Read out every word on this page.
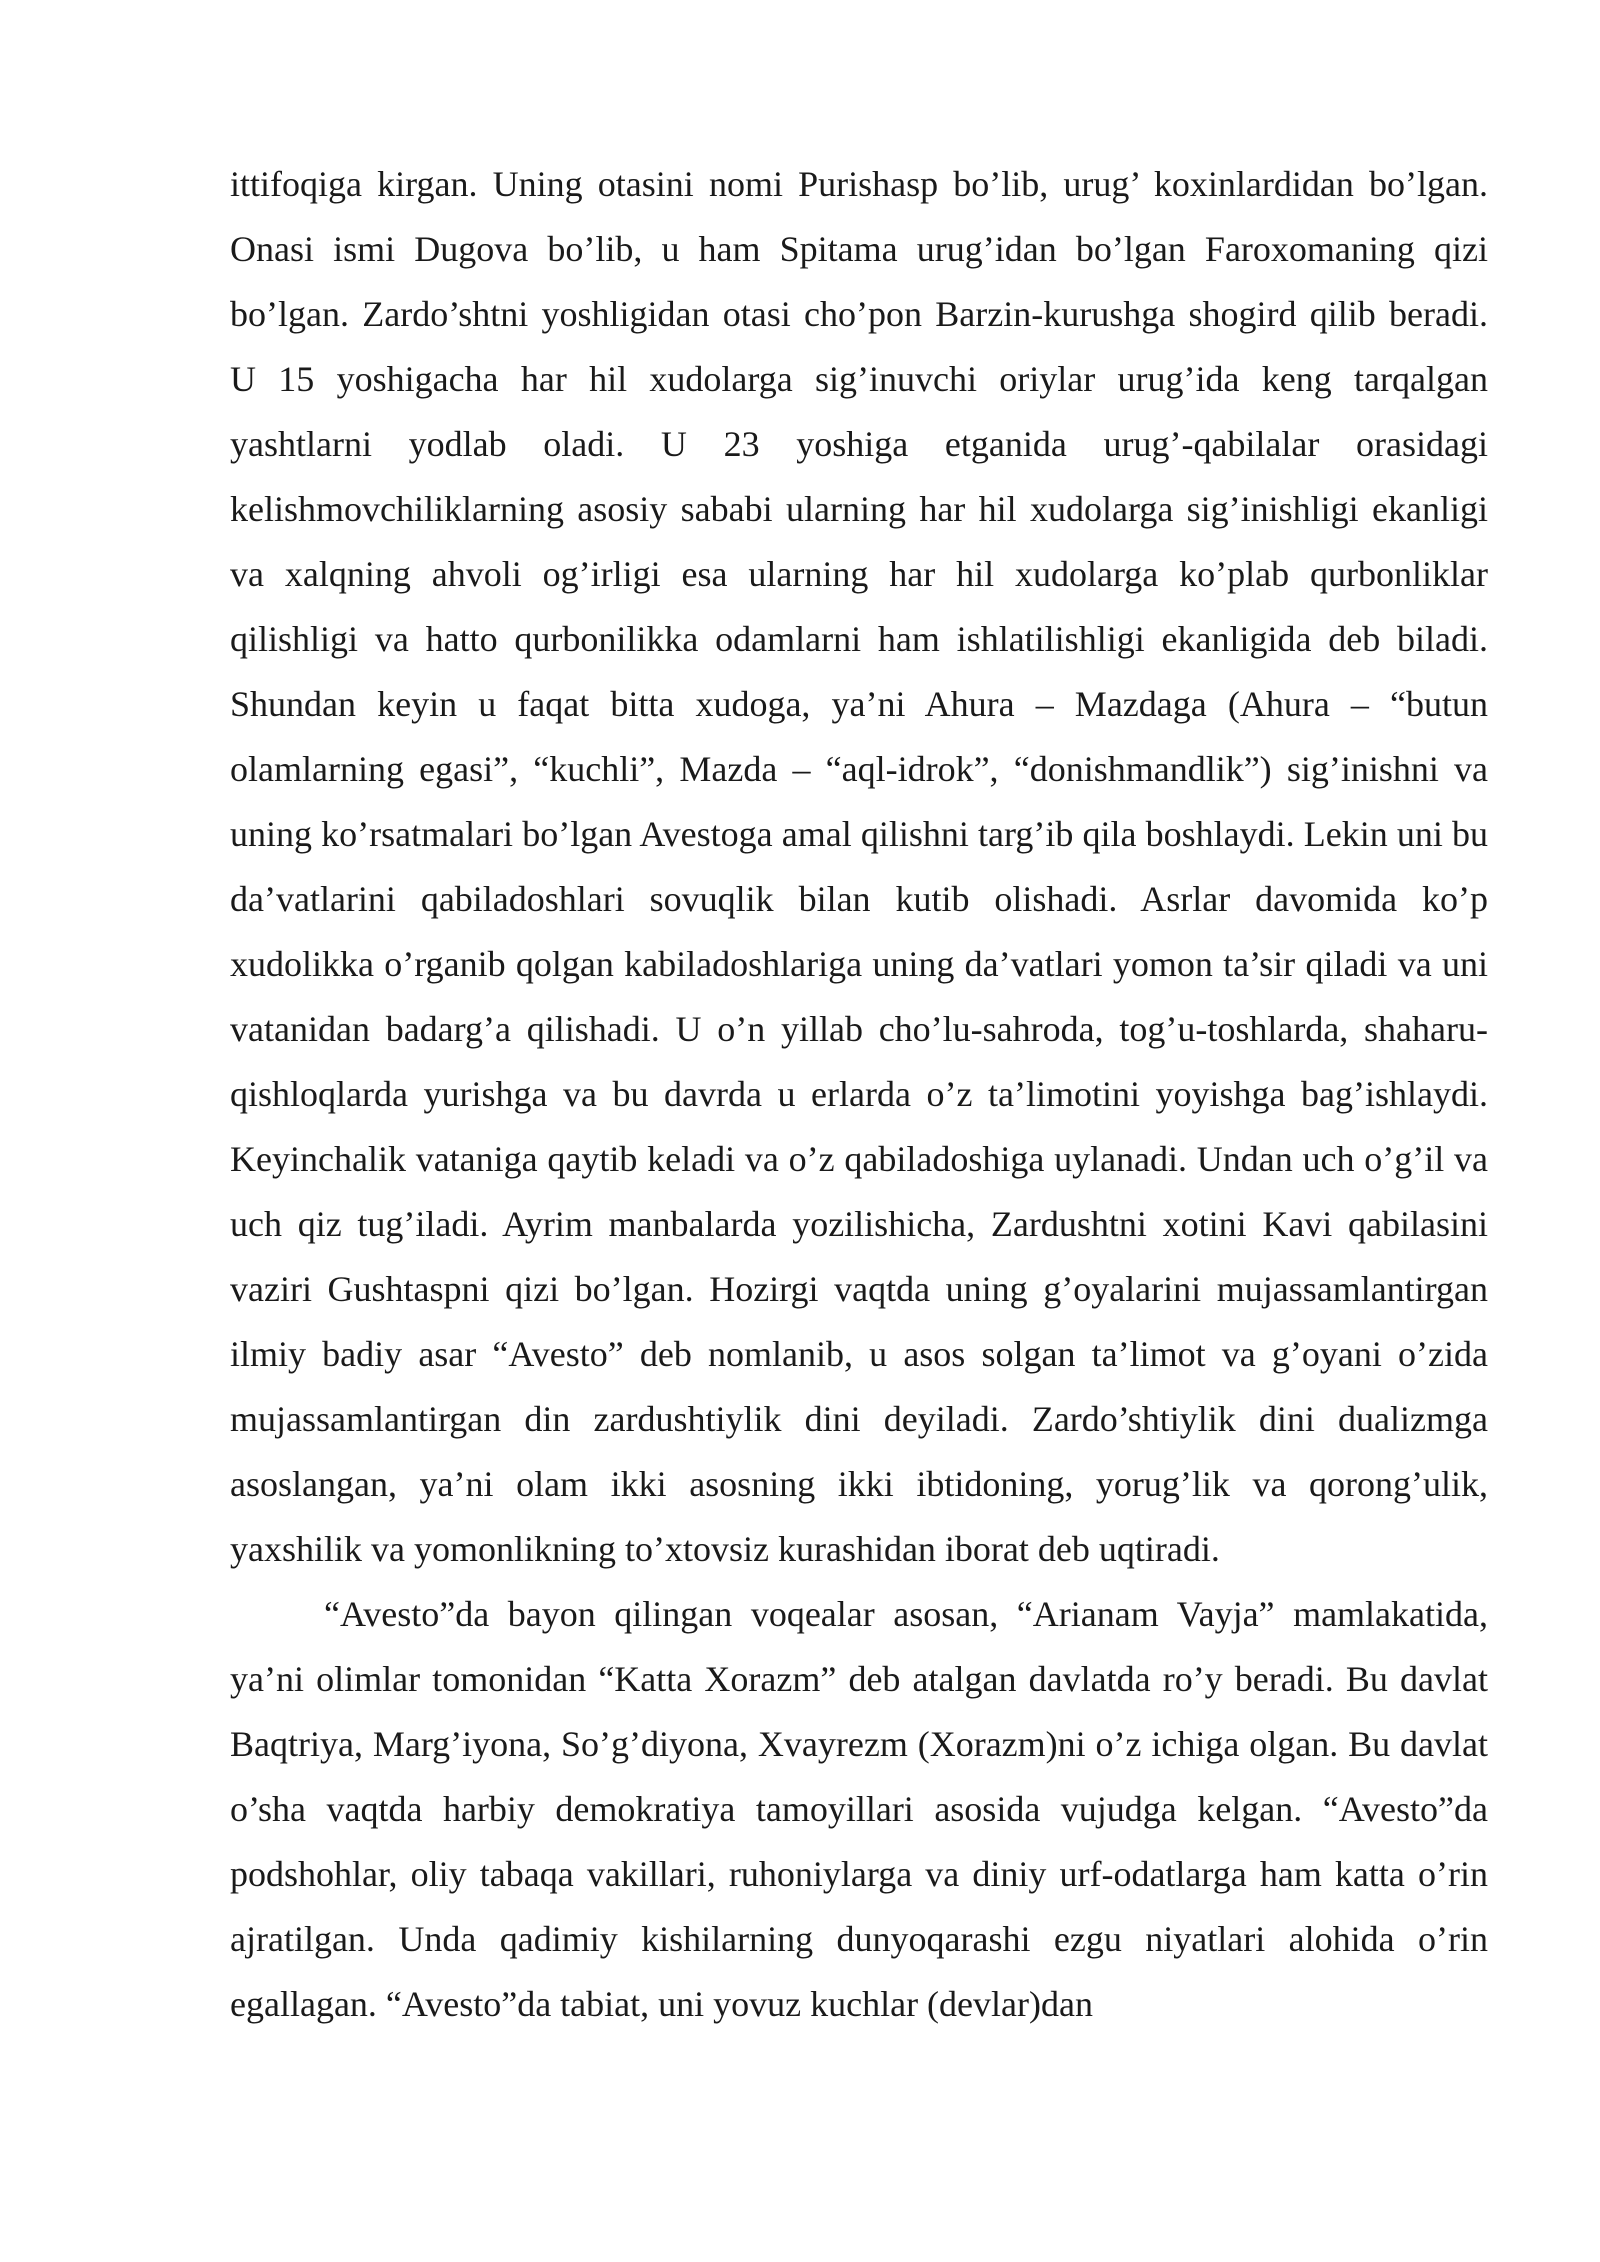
ittifoqiga kirgan. Uning otasini nomi Purishasp bo’lib, urug’ koxinlardidan bo’lgan. Onasi ismi Dugova bo’lib, u ham Spitama urug’idan bo’lgan Faroxomaning qizi bo’lgan. Zardo’shtni yoshligidan otasi cho’pon Barzin-kurushga shogird qilib beradi. U 15 yoshigacha har hil xudolarga sig’inuvchi oriylar urug’ida keng tarqalgan yashtlarni yodlab oladi. U 23 yoshiga etganida urug’-qabilalar orasidagi kelishmovchiliklarning asosiy sababi ularning har hil xudolarga sig’inishligi ekanligi va xalqning ahvoli og’irligi esa ularning har hil xudolarga ko’plab qurbonliklar qilishligi va hatto qurbonilikka odamlarni ham ishlatilishligi ekanligida deb biladi. Shundan keyin u faqat bitta xudoga, ya’ni Ahura – Mazdaga (Ahura – “butun olamlarning egasi”, “kuchli”, Mazda – “aql-idrok”, “donishmandlik”) sig’inishni va uning ko’rsatmalari bo’lgan Avestoga amal qilishni targ’ib qila boshlaydi. Lekin uni bu da’vatlarini qabiladoshlari sovuqlik bilan kutib olishadi. Asrlar davomida ko’p xudolikka o’rganib qolgan kabiladoshlariga uning da’vatlari yomon ta’sir qiladi va uni vatanidan badarg’a qilishadi. U o’n yillab cho’lu-sahroda, tog’u-toshlarda, shaharu-qishloqlarda yurishga va bu davrda u erlarda o’z ta’limotini yoyishga bag’ishlaydi. Keyinchalik vataniga qaytib keladi va o’z qabiladoshiga uylanadi. Undan uch o’g’il va uch qiz tug’iladi. Ayrim manbalarda yozilishicha, Zardushtni xotini Kavi qabilasini vaziri Gushtaspni qizi bo’lgan. Hozirgi vaqtda uning g’oyalarini mujassamlantirgan ilmiy badiy asar “Avesto” deb nomlanib, u asos solgan ta’limot va g’oyani o’zida mujassamlantirgan din zardushtiylik dini deyiladi. Zardo’shtiylik dini dualizmga asoslangan, ya’ni olam ikki asosning ikki ibtidoning, yorug’lik va qorong’ulik, yaxshilik va yomonlikning to’xtovsiz kurashidan iborat deb uqtiradi.

“Avesto”da bayon qilingan voqealar asosan, “Arianam Vayja” mamlakatida, ya’ni olimlar tomonidan “Katta Xorazm” deb atalgan davlatda ro’y beradi. Bu davlat Baqtriya, Marg’iyona, So’g’diyona, Xvayrezm (Xorazm)ni o’z ichiga olgan. Bu davlat o’sha vaqtda harbiy demokratiya tamoyillari asosida vujudga kelgan. “Avesto”da podshohlar, oliy tabaqa vakillari, ruhoniylarga va diniy urf-odatlarga ham katta o’rin ajratilgan. Unda qadimiy kishilarning dunyoqarashi ezgu niyatlari alohida o’rin egallagan. “Avesto”da tabiat, uni yovuz kuchlar (devlar)dan
